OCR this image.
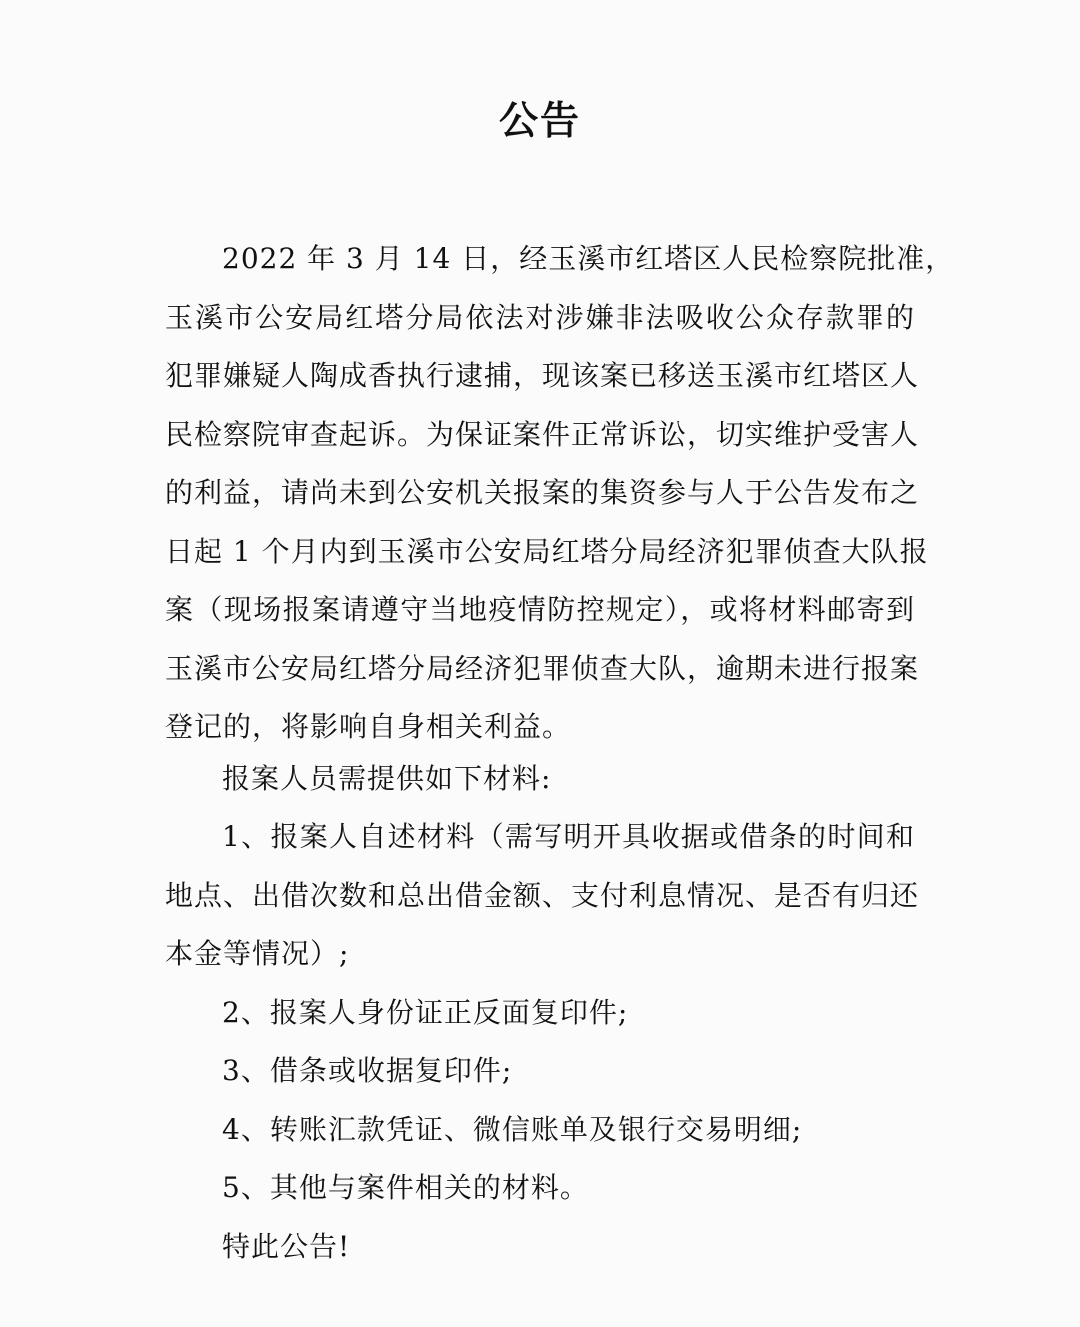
公告
2022 年 3 月 14 日，经玉溪市红塔区人民检察院批准，
玉溪市公安局红塔分局依法对涉嫌非法吸收公众存款罪的
犯罪嫌疑人陶成香执行逮捕，现该案已移送玉溪市红塔区人
民检察院审查起诉。为保证案件正常诉讼，切实维护受害人
的利益，请尚未到公安机关报案的集资参与人于公告发布之
日起 1 个月内到玉溪市公安局红塔分局经济犯罪侦查大队报
案（现场报案请遵守当地疫情防控规定），或将材料邮寄到
玉溪市公安局红塔分局经济犯罪侦查大队，逾期未进行报案
登记的，将影响自身相关利益。
报案人员需提供如下材料:
1、报案人自述材料（需写明开具收据或借条的时间和
地点、出借次数和总出借金额、支付利息情况、是否有归还
本金等情况）;
2、报案人身份证正反面复印件;
3、借条或收据复印件;
4、转账汇款凭证、微信账单及银行交易明细;
5、其他与案件相关的材料。
特此公告!
